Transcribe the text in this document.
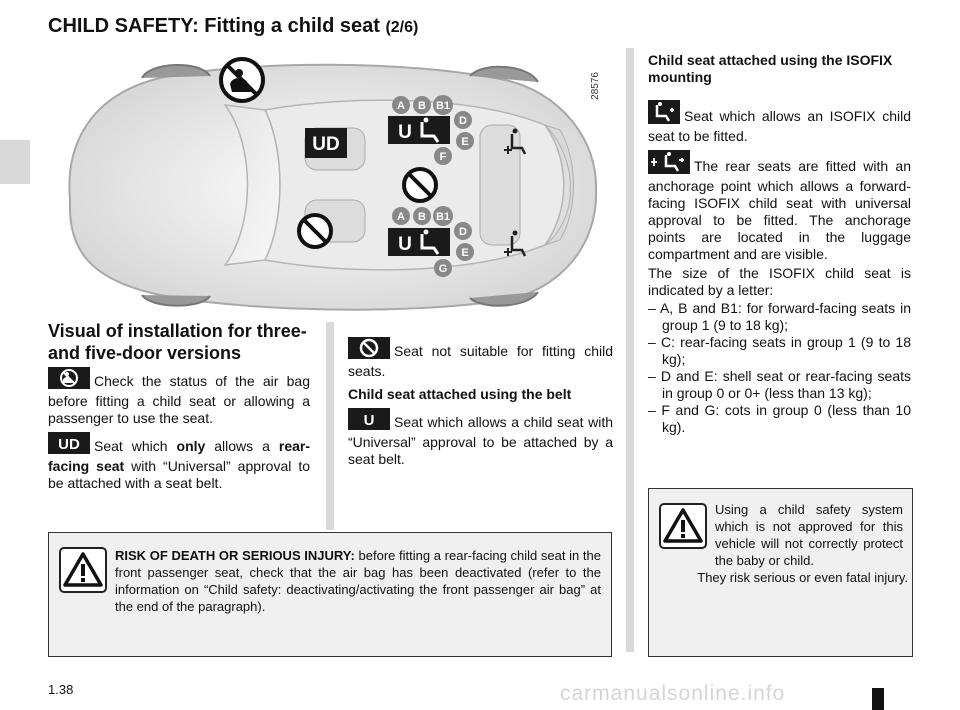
CHILD SAFETY: Fitting a child seat (2/6)
UD
U
A B B1
D
E
F
U
A B B1
D
E
G
28576
Visual of installation for three- and five-door versions
Check the status of the air bag before fitting a child seat or allowing a passenger to use the seat.
UD Seat which only allows a rear-facing seat with “Universal” approval to be attached with a seat belt.
Seat not suitable for fitting child seats.
Child seat attached using the belt
U Seat which allows a child seat with “Universal” approval to be attached by a seat belt.
Child seat attached using the ISOFIX mounting
Seat which allows an ISOFIX child seat to be fitted.
The rear seats are fitted with an anchorage point which allows a forward-facing ISOFIX child seat with universal approval to be fitted. The anchorage points are located in the luggage compartment and are visible.
The size of the ISOFIX child seat is indicated by a letter:
– A, B and B1: for forward-facing seats in group 1 (9 to 18 kg);
– C: rear-facing seats in group 1 (9 to 18 kg);
– D and E: shell seat or rear-facing seats in group 0 or 0+ (less than 13 kg);
– F and G: cots in group 0 (less than 10 kg).
RISK OF DEATH OR SERIOUS INJURY: before fitting a rear-facing child seat in the front passenger seat, check that the air bag has been deactivated (refer to the information on “Child safety: deactivating/activating the front passenger air bag” at the end of the paragraph).
Using a child safety system which is not approved for this vehicle will not correctly protect the baby or child.
They risk serious or even fatal injury.
1.38	carmanualsonline.info
